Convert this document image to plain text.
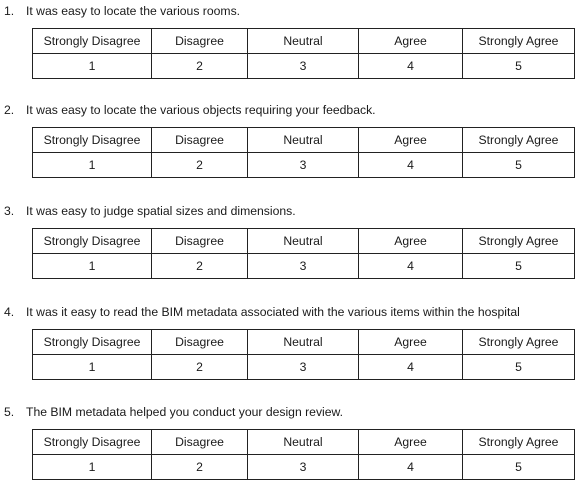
1. It was easy to locate the various rooms.
Strongly Disagree	Disagree	Neutral	Agree	Strongly Agree
1	2	3	4	5
2. It was easy to locate the various objects requiring your feedback.
Strongly Disagree	Disagree	Neutral	Agree	Strongly Agree
1	2	3	4	5
3. It was easy to judge spatial sizes and dimensions.
Strongly Disagree	Disagree	Neutral	Agree	Strongly Agree
1	2	3	4	5
4. It was it easy to read the BIM metadata associated with the various items within the hospital
Strongly Disagree	Disagree	Neutral	Agree	Strongly Agree
1	2	3	4	5
5. The BIM metadata helped you conduct your design review.
Strongly Disagree	Disagree	Neutral	Agree	Strongly Agree
1	2	3	4	5
